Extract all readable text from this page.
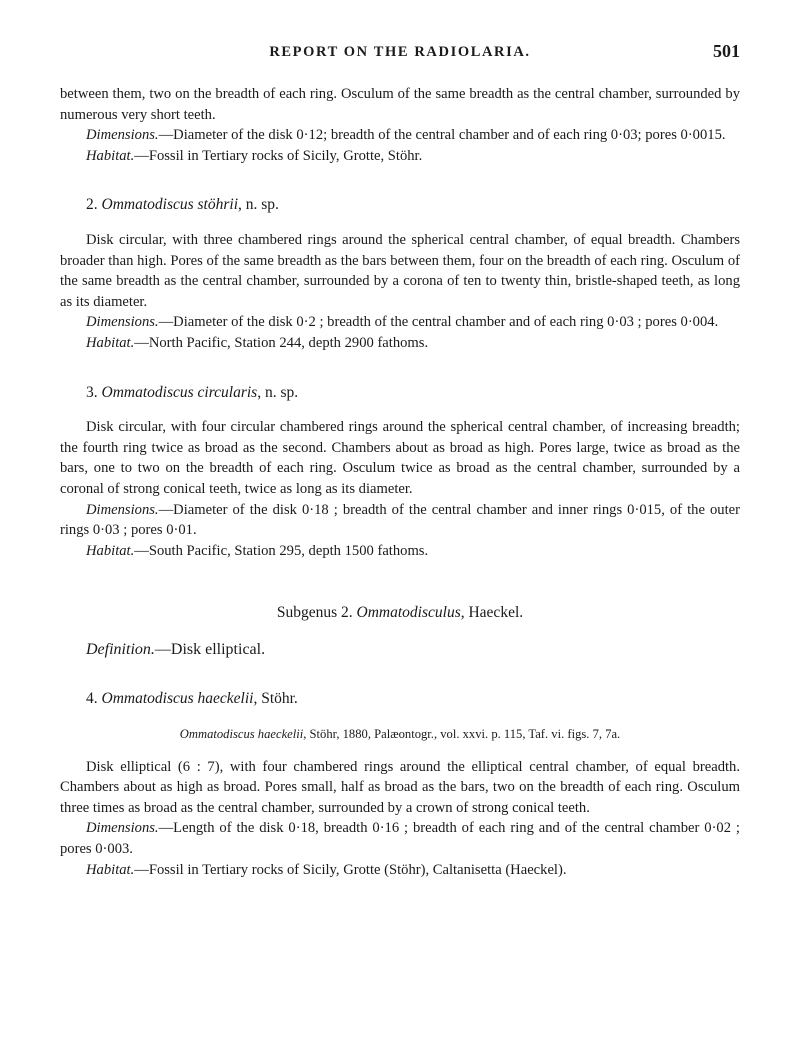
REPORT ON THE RADIOLARIA.	501

between them, two on the breadth of each ring. Osculum of the same breadth as the central chamber, surrounded by numerous very short teeth.

Dimensions.—Diameter of the disk 0·12; breadth of the central chamber and of each ring 0·03; pores 0·0015.

Habitat.—Fossil in Tertiary rocks of Sicily, Grotte, Stöhr.

2. Ommatodiscus stöhrii, n. sp.

Disk circular, with three chambered rings around the spherical central chamber, of equal breadth. Chambers broader than high. Pores of the same breadth as the bars between them, four on the breadth of each ring. Osculum of the same breadth as the central chamber, surrounded by a corona of ten to twenty thin, bristle-shaped teeth, as long as its diameter.

Dimensions.—Diameter of the disk 0·2 ; breadth of the central chamber and of each ring 0·03 ; pores 0·004.

Habitat.—North Pacific, Station 244, depth 2900 fathoms.

3. Ommatodiscus circularis, n. sp.

Disk circular, with four circular chambered rings around the spherical central chamber, of increasing breadth; the fourth ring twice as broad as the second. Chambers about as broad as high. Pores large, twice as broad as the bars, one to two on the breadth of each ring. Osculum twice as broad as the central chamber, surrounded by a coronal of strong conical teeth, twice as long as its diameter.

Dimensions.—Diameter of the disk 0·18 ; breadth of the central chamber and inner rings 0·015, of the outer rings 0·03 ; pores 0·01.

Habitat.—South Pacific, Station 295, depth 1500 fathoms.

Subgenus 2. Ommatodisculus, Haeckel.
Definition.—Disk elliptical.
4. Ommatodiscus haeckelii, Stöhr.
Ommatodiscus haeckelii, Stöhr, 1880, Palæontogr., vol. xxvi. p. 115, Taf. vi. figs. 7, 7a.

Disk elliptical (6 : 7), with four chambered rings around the elliptical central chamber, of equal breadth. Chambers about as high as broad. Pores small, half as broad as the bars, two on the breadth of each ring. Osculum three times as broad as the central chamber, surrounded by a crown of strong conical teeth.

Dimensions.—Length of the disk 0·18, breadth 0·16 ; breadth of each ring and of the central chamber 0·02 ; pores 0·003.

Habitat.—Fossil in Tertiary rocks of Sicily, Grotte (Stöhr), Caltanisetta (Haeckel).
